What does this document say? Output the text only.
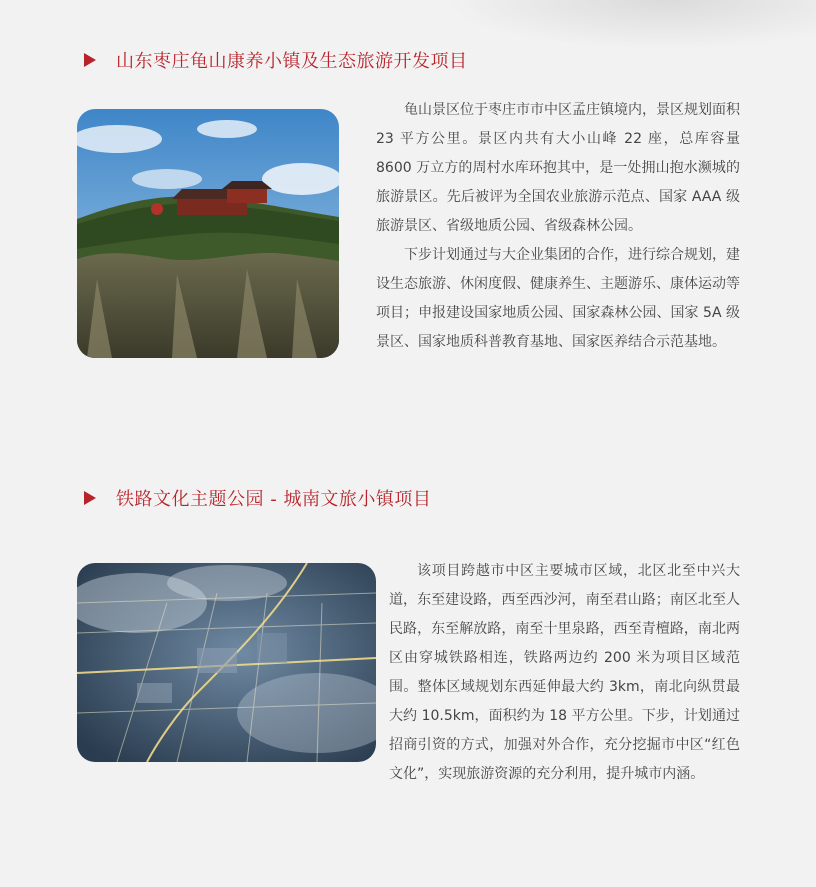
山东枣庄龟山康养小镇及生态旅游开发项目

龟山景区位于枣庄市市中区孟庄镇境内，景区规划面积 23 平方公里。景区内共有大小山峰 22 座，总库容量 8600 万立方的周村水库环抱其中，是一处拥山抱水濒城的旅游景区。先后被评为全国农业旅游示范点、国家 AAA 级旅游景区、省级地质公园、省级森林公园。

下步计划通过与大企业集团的合作，进行综合规划，建设生态旅游、休闲度假、健康养生、主题游乐、康体运动等项目；申报建设国家地质公园、国家森林公园、国家 5A 级景区、国家地质科普教育基地、国家医养结合示范基地。

铁路文化主题公园 - 城南文旅小镇项目

该项目跨越市中区主要城市区域，北区北至中兴大道，东至建设路，西至西沙河，南至君山路；南区北至人民路，东至解放路，南至十里泉路，西至青檀路，南北两区由穿城铁路相连，铁路两边约 200 米为项目区域范围。整体区域规划东西延伸最大约 3km，南北向纵贯最大约 10.5km，面积约为 18 平方公里。下步，计划通过招商引资的方式，加强对外合作，充分挖掘市中区“红色文化”，实现旅游资源的充分利用，提升城市内涵。
